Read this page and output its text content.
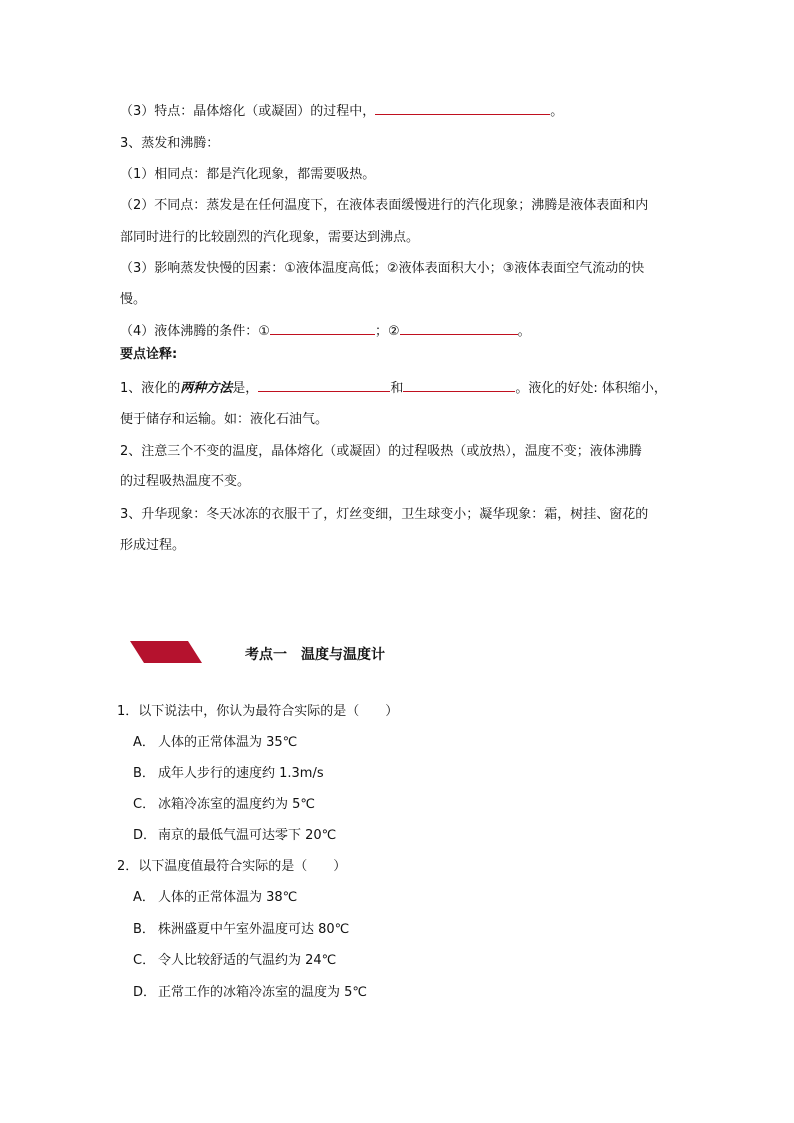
（3）特点：晶体熔化（或凝固）的过程中，	。
3、蒸发和沸腾：
（1）相同点：都是汽化现象，都需要吸热。
（2）不同点：蒸发是在任何温度下，在液体表面缓慢进行的汽化现象；沸腾是液体表面和内
部同时进行的比较剧烈的汽化现象，需要达到沸点。
（3）影响蒸发快慢的因素：①液体温度高低；②液体表面积大小；③液体表面空气流动的快
慢。
（4）液体沸腾的条件：①	；②	。
要点诠释:
1、液化的两种方法是，	和	。液化的好处: 体积缩小，
便于储存和运输。如：液化石油气。
2、注意三个不变的温度，晶体熔化（或凝固）的过程吸热（或放热），温度不变；液体沸腾
的过程吸热温度不变。
3、升华现象：冬天冰冻的衣服干了，灯丝变细，卫生球变小；凝华现象：霜，树挂、窗花的
形成过程。
考点一 温度与温度计
1．以下说法中，你认为最符合实际的是（　　）
A． 人体的正常体温为 35℃
B． 成年人步行的速度约 1.3m/s
C． 冰箱冷冻室的温度约为 5℃
D． 南京的最低气温可达零下 20℃
2．以下温度值最符合实际的是（　　）
A． 人体的正常体温为 38℃
B． 株洲盛夏中午室外温度可达 80℃
C． 令人比较舒适的气温约为 24℃
D． 正常工作的冰箱冷冻室的温度为 5℃
